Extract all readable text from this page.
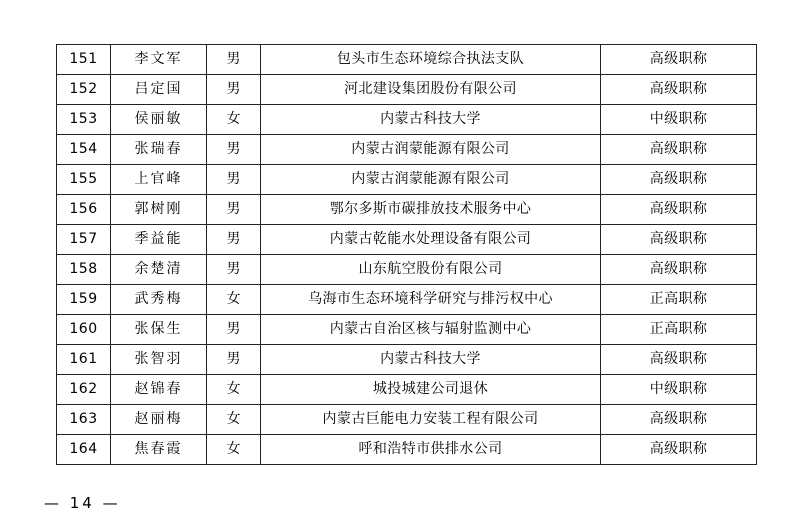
151	李文军	男	包头市生态环境综合执法支队	高级职称
152	吕定国	男	河北建设集团股份有限公司	高级职称
153	侯丽敏	女	内蒙古科技大学	中级职称
154	张瑞春	男	内蒙古润蒙能源有限公司	高级职称
155	上官峰	男	内蒙古润蒙能源有限公司	高级职称
156	郭树刚	男	鄂尔多斯市碳排放技术服务中心	高级职称
157	季益能	男	内蒙古乾能水处理设备有限公司	高级职称
158	余楚清	男	山东航空股份有限公司	高级职称
159	武秀梅	女	乌海市生态环境科学研究与排污权中心	正高职称
160	张保生	男	内蒙古自治区核与辐射监测中心	正高职称
161	张智羽	男	内蒙古科技大学	高级职称
162	赵锦春	女	城投城建公司退休	中级职称
163	赵丽梅	女	内蒙古巨能电力安装工程有限公司	高级职称
164	焦春霞	女	呼和浩特市供排水公司	高级职称
— 14 —
